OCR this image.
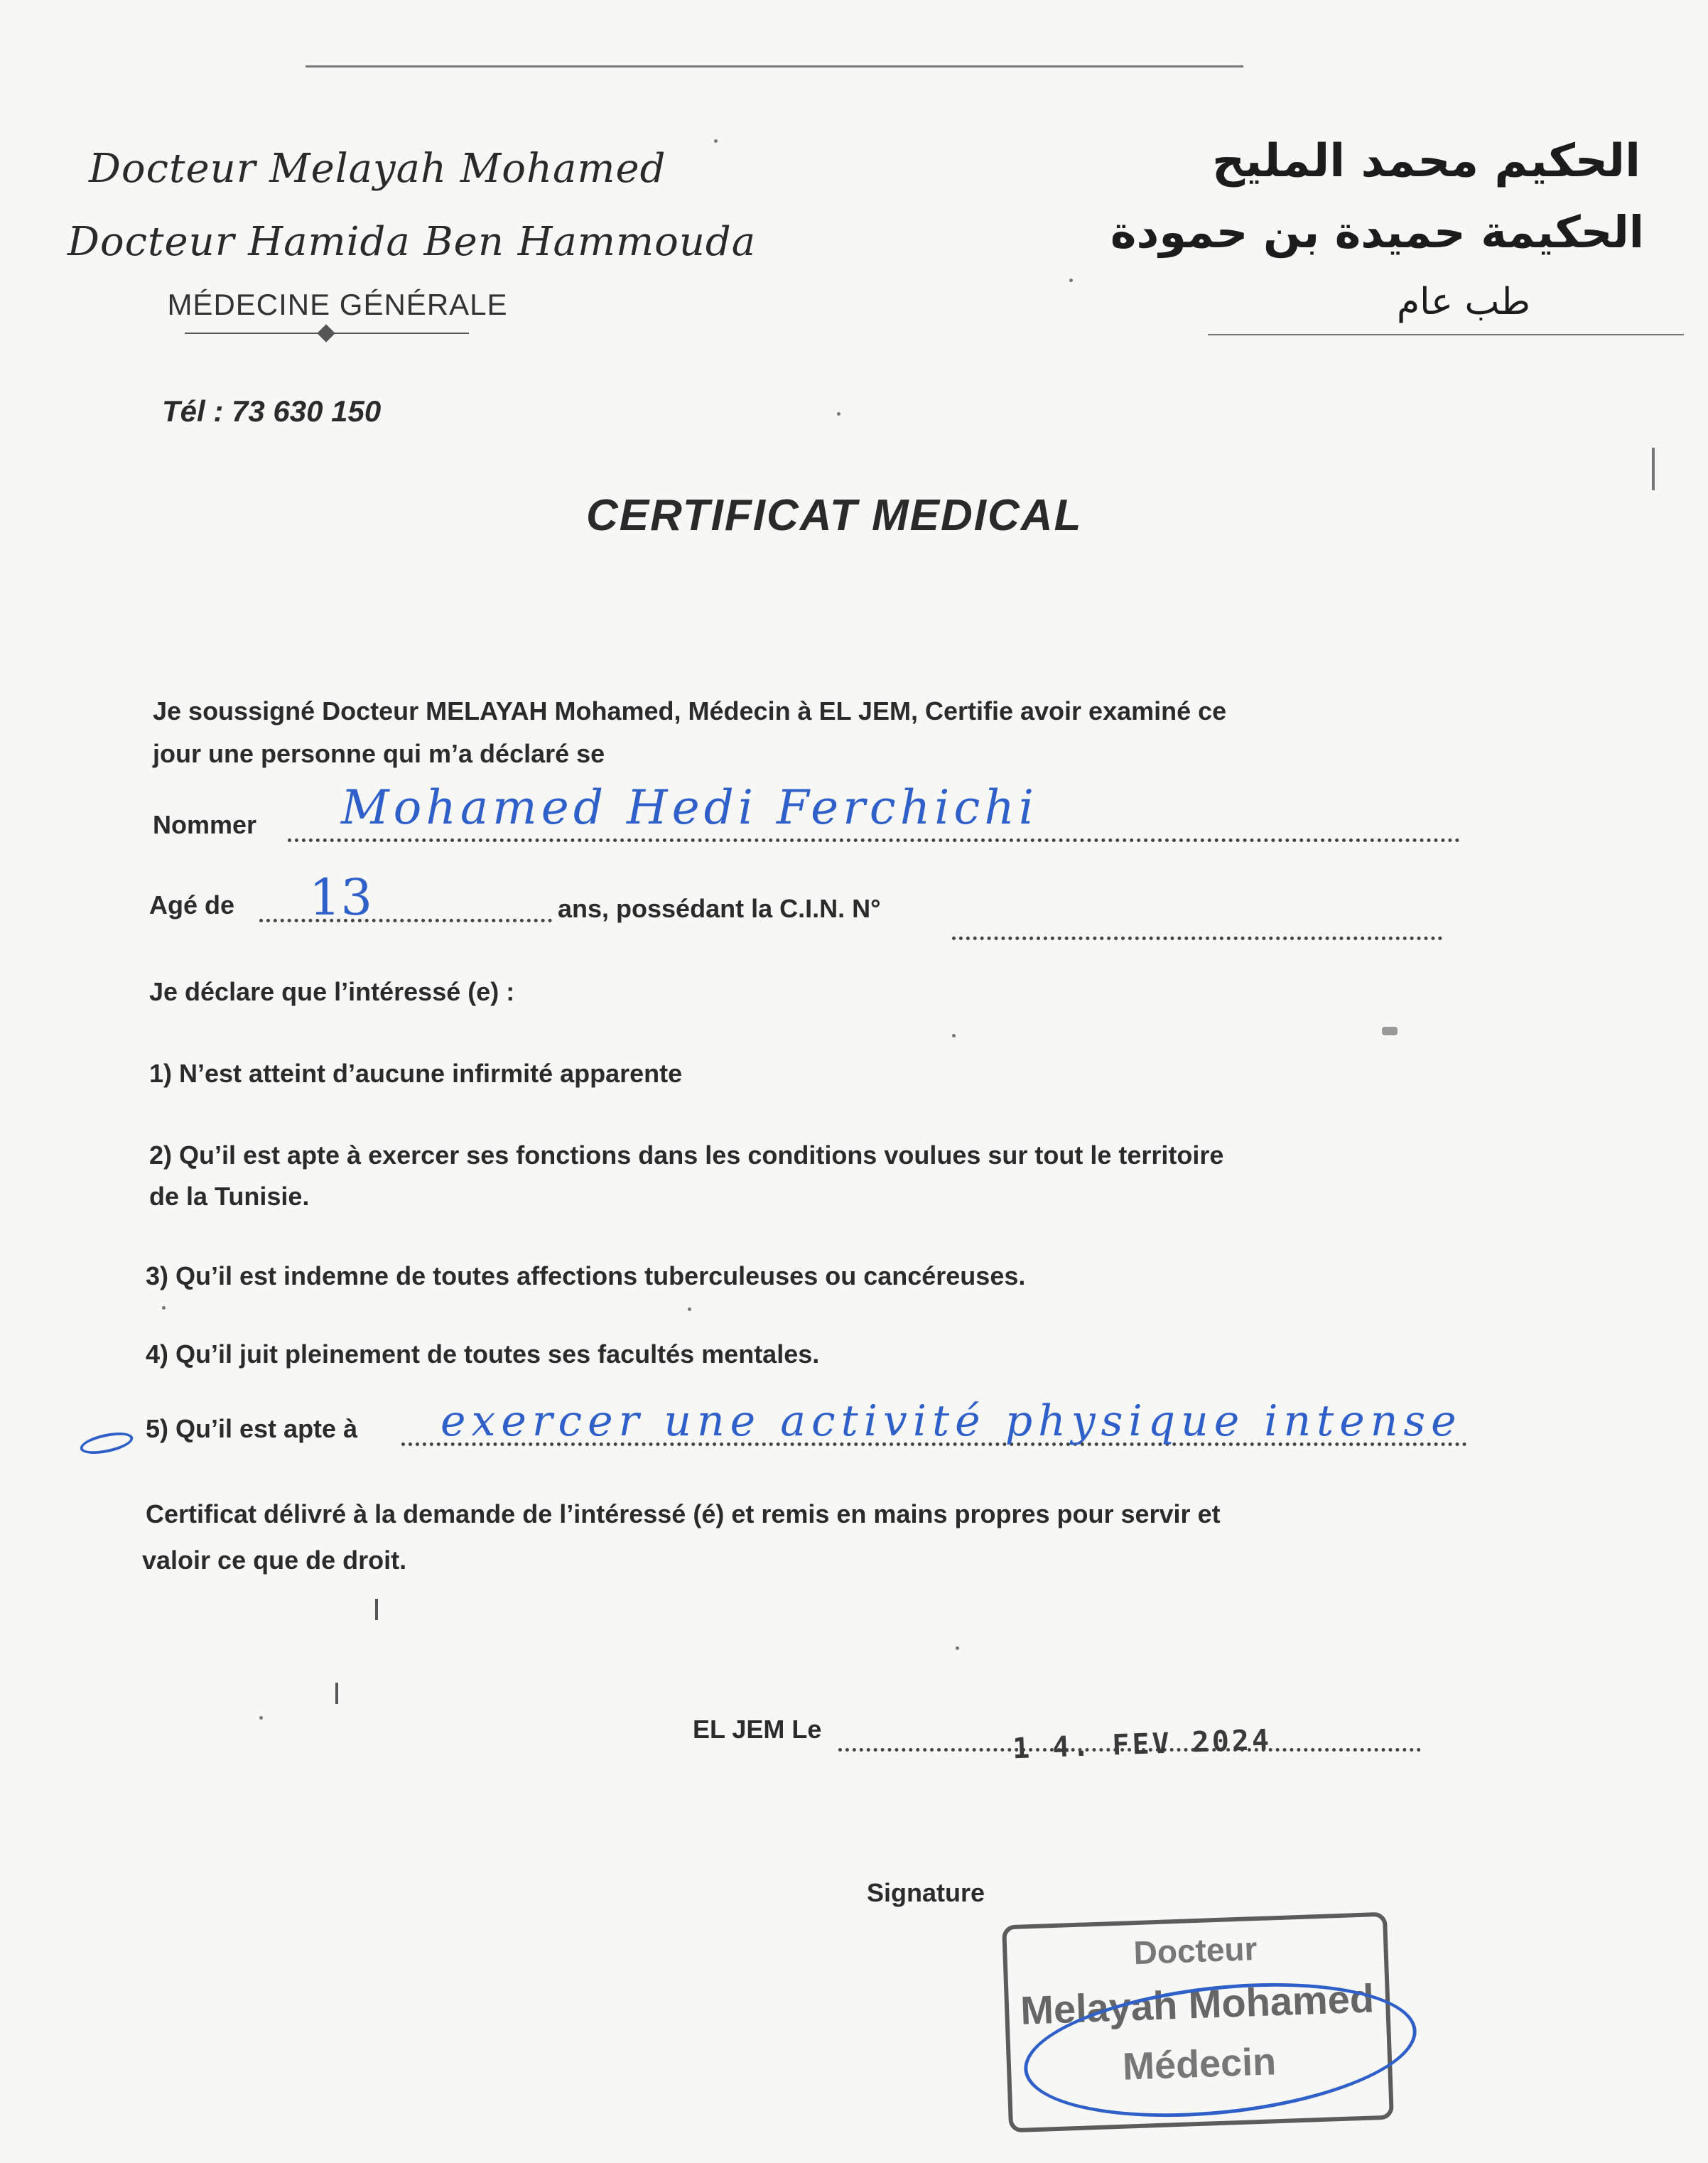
Docteur Melayah Mohamed
Docteur Hamida Ben Hammouda
MÉDECINE GÉNÉRALE
Tél : 73 630 150
الحكيم محمد المليح
الحكيمة حميدة بن حمودة
طب عام
CERTIFICAT MEDICAL
Je soussigné Docteur MELAYAH Mohamed, Médecin à EL JEM, Certifie avoir examiné ce
jour une personne qui m’a déclaré se
Nommer Mohamed Hedi Ferchichi
Agé de 13	ans, possédant la C.I.N. N°
Je déclare que l’intéressé (e) :
1) N’est atteint d’aucune infirmité apparente
2) Qu’il est apte à exercer ses fonctions dans les conditions voulues sur tout le territoire
de la Tunisie.
3) Qu’il est indemne de toutes affections tuberculeuses ou cancéreuses.
4) Qu’il juit pleinement de toutes ses facultés mentales.
5) Qu’il est apte à exercer une activité physique intense
Certificat délivré à la demande de l’intéressé (é) et remis en mains propres pour servir et
valoir ce que de droit.
EL JEM Le	1 4. FEV 2024
Signature
Docteur
Melayah Mohamed
Médecin
